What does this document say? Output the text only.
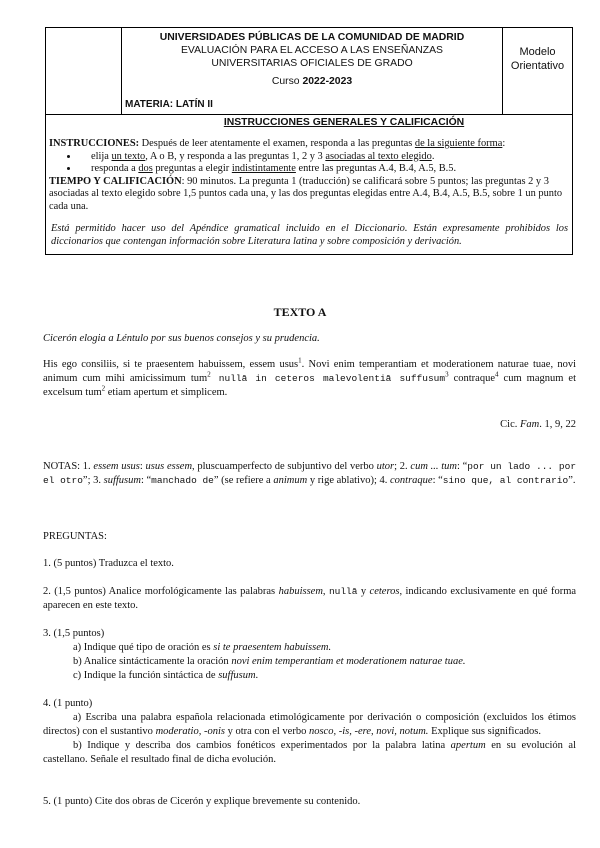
UNIVERSIDADES PÚBLICAS DE LA COMUNIDAD DE MADRID
EVALUACIÓN PARA EL ACCESO A LAS ENSEÑANZAS
UNIVERSITARIAS OFICIALES DE GRADO
Curso 2022-2023
MATERIA: LATÍN II
Modelo
Orientativo
INSTRUCCIONES GENERALES Y CALIFICACIÓN
INSTRUCCIONES: Después de leer atentamente el examen, responda a las preguntas de la siguiente forma:
• elija un texto, A o B, y responda a las preguntas 1, 2 y 3 asociadas al texto elegido.
• responda a dos preguntas a elegir indistintamente entre las preguntas A.4, B.4, A.5, B.5.
TIEMPO Y CALIFICACIÓN: 90 minutos. La pregunta 1 (traducción) se calificará sobre 5 puntos; las preguntas 2 y 3 asociadas al texto elegido sobre 1,5 puntos cada una, y las dos preguntas elegidas entre A.4, B.4, A.5, B.5, sobre 1 un punto cada una.
Está permitido hacer uso del Apéndice gramatical incluido en el Diccionario. Están expresamente prohibidos los diccionarios que contengan información sobre Literatura latina y sobre composición y derivación.
TEXTO A
Cicerón elogia a Léntulo por sus buenos consejos y su prudencia.
His ego consiliis, si te praesentem habuissem, essem usus$^1$. Novi enim temperantiam et moderationem naturae tuae, novi animum cum mihi amicissimum tum$^2$ nullā in ceteros malevolentiā suffusum$^3$ contraque$^4$ cum magnum et excelsum tum$^2$ etiam apertum et simplicem.
Cic. Fam. 1, 9, 22
NOTAS: 1. essem usus: usus essem, pluscuamperfecto de subjuntivo del verbo utor; 2. cum ... tum: “por un lado ... por el otro”; 3. suffusum: “manchado de” (se refiere a animum y rige ablativo); 4. contraque: “sino que, al contrario”.
PREGUNTAS:
1. (5 puntos) Traduzca el texto.
2. (1,5 puntos) Analice morfológicamente las palabras habuissem, nullā y ceteros, indicando exclusivamente en qué forma aparecen en este texto.
3. (1,5 puntos)
a) Indique qué tipo de oración es si te praesentem habuissem.
b) Analice sintácticamente la oración novi enim temperantiam et moderationem naturae tuae.
c) Indique la función sintáctica de suffusum.
4. (1 punto)
a) Escriba una palabra española relacionada etimológicamente por derivación o composición (excluidos los étimos directos) con el sustantivo moderatio, -onis y otra con el verbo nosco, -is, -ere, novi, notum. Explique sus significados.
b) Indique y describa dos cambios fonéticos experimentados por la palabra latina apertum en su evolución al castellano. Señale el resultado final de dicha evolución.
5. (1 punto) Cite dos obras de Cicerón y explique brevemente su contenido.
